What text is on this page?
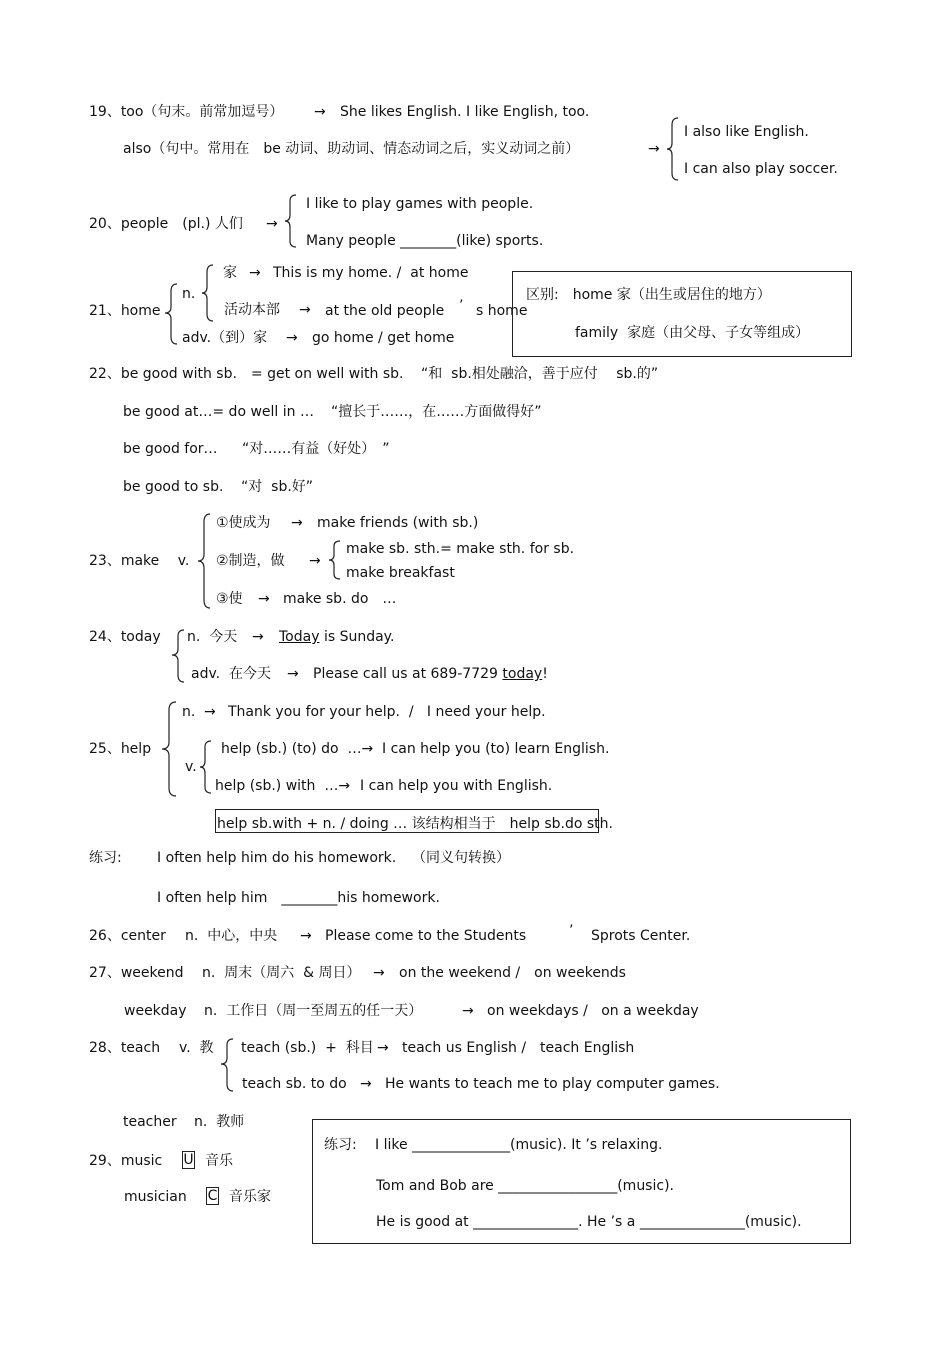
19、too（句末。前常加逗号） → She likes English. I like English, too.
also（句中。常用在　be 动词、助动词、情态动词之后，实义动词之前）	→
I also like English.
I can also play soccer.
20、people　(pl.) 人们 →
I like to play games with people.
Many people ________(like) sports.
21、home
n.
家 → This is my home. /  at home
活动本部 → at the old people ’ s home
adv.（到）家 → go home / get home
区别:　home 家（出生或居住的地方）
family  家庭（由父母、子女等组成）
22、be good with sb.　= get on well with sb. “和  sb.相处融洽，善于应付　 sb.的”
be good at…= do well in … “擅长于……，在……方面做得好”
be good for… “对……有益（好处）　”
be good to sb. “对  sb.好”
23、make　 v.
①使成为 → make friends (with sb.)
②制造，做 →
make sb. sth.= make sth. for sb.
make breakfast
③使 → make sb. do　…
24、today n.  今天 → Today is Sunday.
adv.  在今天 → Please call us at 689-7729 today!
25、help
n. → Thank you for your help.  /   I need your help.
v.
help (sb.) (to) do  …→ I can help you (to) learn English.
help (sb.) with  …→ I can help you with English.
help sb.with + n. / doing … 该结构相当于　help sb.do sth.
练习:	I often help him do his homework. （同义句转换）
I often help him　________his homework.
26、center n.  中心，中央 → Please come to the Students	’ Sprots Center.
27、weekend n.  周末（周六  & 周日） → on the weekend /　on weekends
weekday n.  工作日（周一至周五的任一天）	→ on weekdays /   on a weekday
28、teach v.  教 teach (sb.)  +  科目 → teach us English /　teach English
teach sb. to do → He wants to teach me to play computer games.
teacher n.  教师
29、music U 音乐
musician C 音乐家
练习: I like ______________(music). It ’s relaxing.
Tom and Bob are _________________(music).
He is good at _______________. He ’s a _______________(music).
